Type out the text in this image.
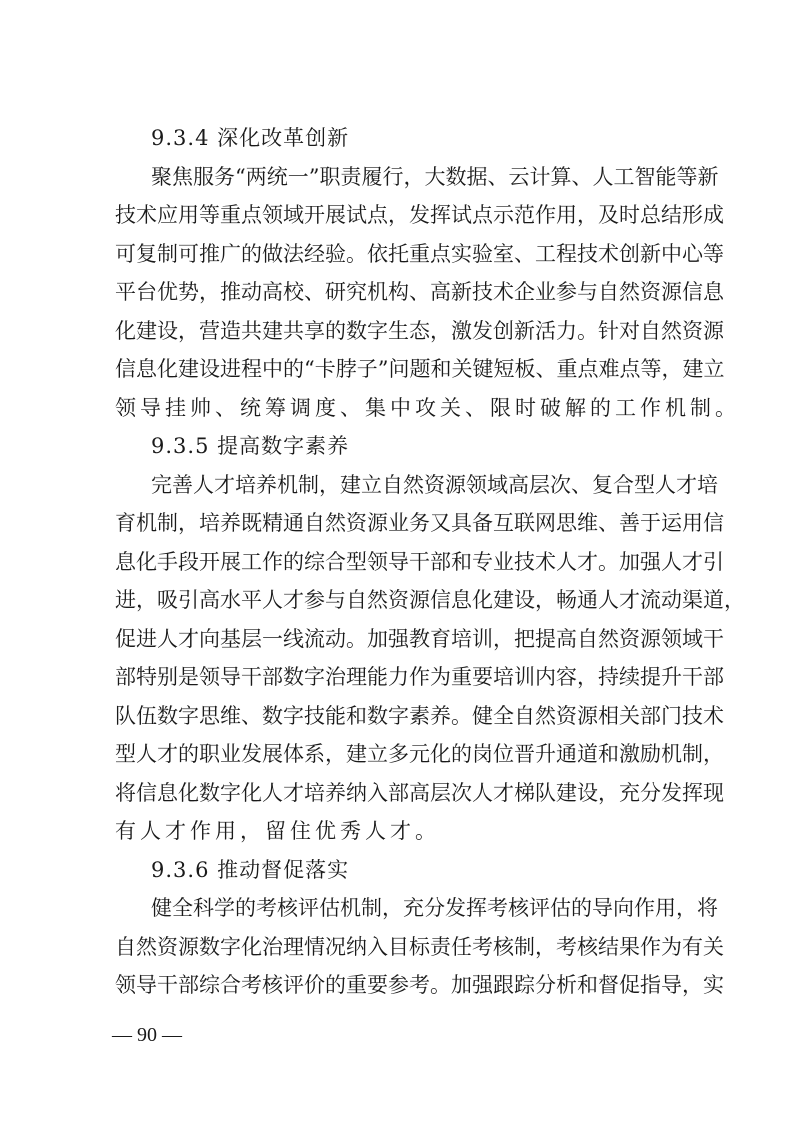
9.3.4 深化改革创新
聚焦服务“两统一”职责履行，大数据、云计算、人工智能等新
技术应用等重点领域开展试点，发挥试点示范作用，及时总结形成
可复制可推广的做法经验。依托重点实验室、工程技术创新中心等
平台优势，推动高校、研究机构、高新技术企业参与自然资源信息
化建设，营造共建共享的数字生态，激发创新活力。针对自然资源
信息化建设进程中的“卡脖子”问题和关键短板、重点难点等，建立
领导挂帅、统筹调度、集中攻关、限时破解的工作机制。
9.3.5 提高数字素养
完善人才培养机制，建立自然资源领域高层次、复合型人才培
育机制，培养既精通自然资源业务又具备互联网思维、善于运用信
息化手段开展工作的综合型领导干部和专业技术人才。加强人才引
进，吸引高水平人才参与自然资源信息化建设，畅通人才流动渠道，
促进人才向基层一线流动。加强教育培训，把提高自然资源领域干
部特别是领导干部数字治理能力作为重要培训内容，持续提升干部
队伍数字思维、数字技能和数字素养。健全自然资源相关部门技术
型人才的职业发展体系，建立多元化的岗位晋升通道和激励机制，
将信息化数字化人才培养纳入部高层次人才梯队建设，充分发挥现
有人才作用，留住优秀人才。
9.3.6 推动督促落实
健全科学的考核评估机制，充分发挥考核评估的导向作用，将
自然资源数字化治理情况纳入目标责任考核制，考核结果作为有关
领导干部综合考核评价的重要参考。加强跟踪分析和督促指导，实
— 90 —
